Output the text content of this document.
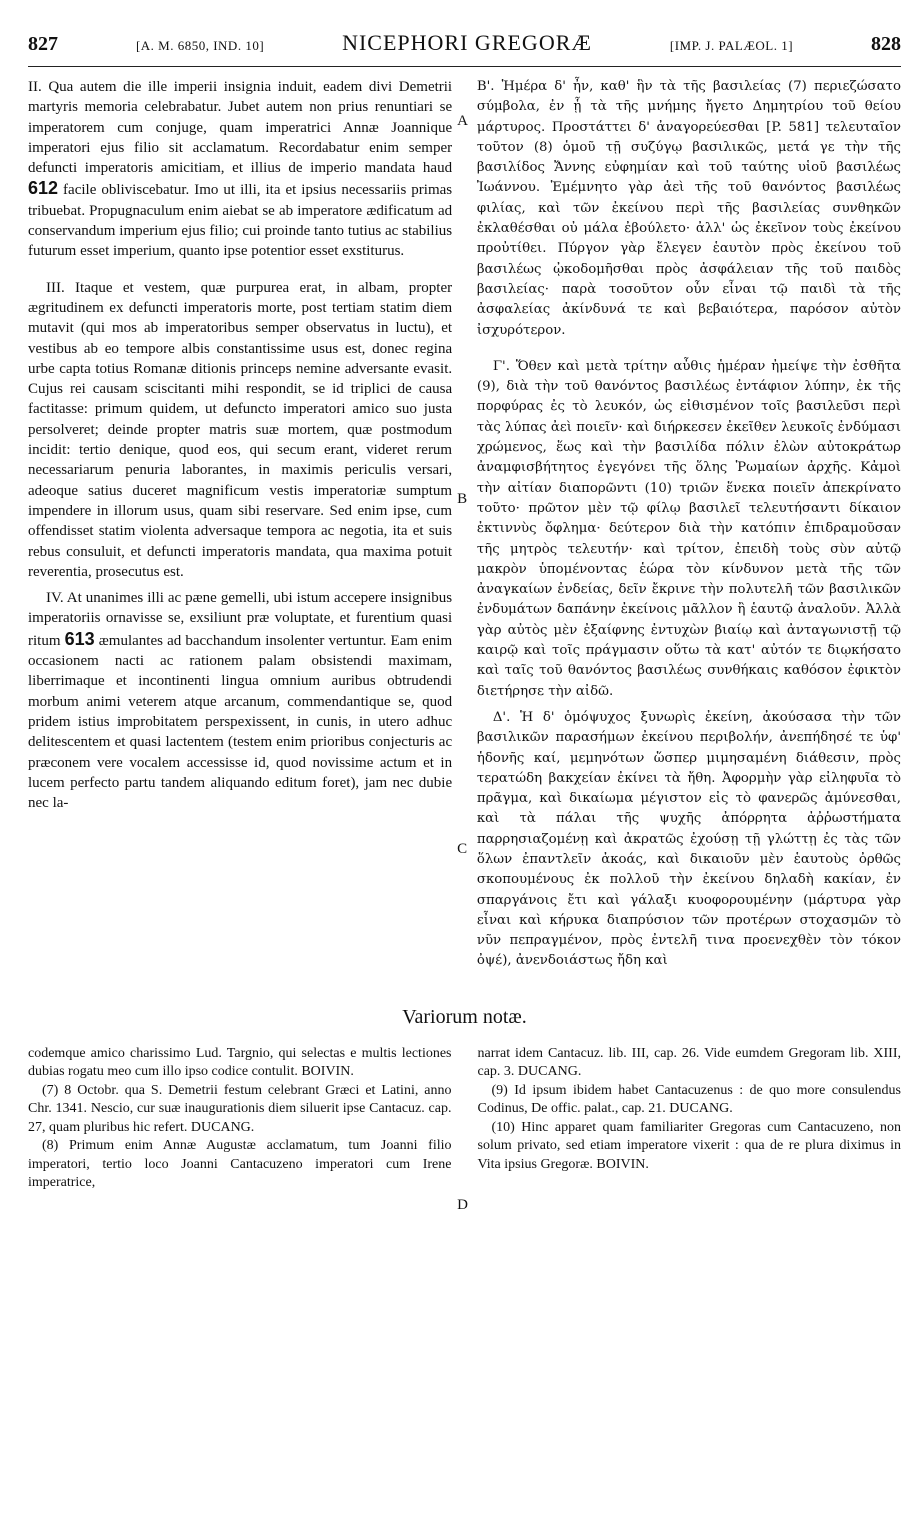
827	[A. M. 6850, IND. 10]	NICEPHORI GREGORÆ	[IMP. J. PALÆOL. 1]	828

II. Qua autem die ille imperii insignia induit, eadem divi Demetrii martyris memoria celebrabatur. Jubet autem non prius renuntiari se imperatorem cum conjuge, quam imperatrici Annæ Joannique imperatori ejus filio sit acclamatum. Recordabatur enim semper defuncti imperatoris amicitiam, et illius de imperio mandata haud 612 facile obliviscebatur. Imo ut illi, ita et ipsius necessariis primas tribuebat. Propugnaculum enim aiebat se ab imperatore ædificatum ad conservandum imperium ejus filio; cui proinde tanto tutius ac stabilius futurum esset imperium, quanto ipse potentior esset exstiturus.

III. Itaque et vestem, quæ purpurea erat, in albam, propter ægritudinem ex defuncti imperatoris morte, post tertiam statim diem mutavit (qui mos ab imperatoribus semper observatus in luctu), et vestibus ab eo tempore albis constantissime usus est, donec regina urbe capta totius Romanæ ditionis princeps nemine adversante evasit. Cujus rei causam sciscitanti mihi respondit, se id triplici de causa factitasse: primum quidem, ut defuncto imperatori amico suo justa persolveret; deinde propter matris suæ mortem, quæ postmodum incidit: tertio denique, quod eos, qui secum erant, videret rerum necessariarum penuria laborantes, in maximis periculis versari, adeoque satius duceret magnificum vestis imperatoriæ sumptum impendere in illorum usus, quam sibi reservare. Sed enim ipse, cum offendisset statim violenta adversaque tempora ac negotia, ita et suis rebus consuluit, et defuncti imperatoris mandata, qua maxima potuit reverentia, prosecutus est.

IV. At unanimes illi ac pæne gemelli, ubi istum accepere insignibus imperatoriis ornavisse se, exsiliunt præ voluptate, et furentium quasi ritum 613 æmulantes ad bacchandum insolenter vertuntur. Eam enim occasionem nacti ac rationem palam obsistendi maximam, liberrimaque et incontinenti lingua omnium auribus obtrudendi morbum animi veterem atque arcanum, commendantique se, quod pridem istius improbitatem perspexissent, in cunis, in utero adhuc delitescentem et quasi lactentem (testem enim prioribus conjecturis ac præconem vere vocalem accessisse id, quod novissime actum et in lucem perfecto partu tandem aliquando editum foret), jam nec dubie nec la-

A
B
C
D

Β'. Ἡμέρα δ' ἦν, καθ' ἣν τὰ τῆς βασιλείας (7) περιεζώσατο σύμβολα, ἐν ᾗ τὰ τῆς μνήμης ἤγετο Δημητρίου τοῦ θείου μάρτυρος. Προστάττει δ' ἀναγορεύεσθαι [P. 581] τελευταῖον τοῦτον (8) ὁμοῦ τῇ συζύγῳ βασιλικῶς, μετά γε τὴν τῆς βασιλίδος Ἄννης εὐφημίαν καὶ τοῦ ταύτης υἱοῦ βασιλέως Ἰωάννου. Ἐμέμνητο γὰρ ἀεὶ τῆς τοῦ θανόντος βασιλέως φιλίας, καὶ τῶν ἐκείνου περὶ τῆς βασιλείας συνθηκῶν ἐκλαθέσθαι οὐ μάλα ἐβούλετο· ἀλλ' ὡς ἐκεῖνον τοὺς ἐκείνου προὐτίθει. Πύργον γὰρ ἔλεγεν ἑαυτὸν πρὸς ἐκείνου τοῦ βασιλέως ᾠκοδομῆσθαι πρὸς ἀσφάλειαν τῆς τοῦ παιδὸς βασιλείας· παρὰ τοσοῦτον οὖν εἶναι τῷ παιδὶ τὰ τῆς ἀσφαλείας ἀκίνδυνά τε καὶ βεβαιότερα, παρόσον αὐτὸν ἰσχυρότερον.

Γ'. Ὅθεν καὶ μετὰ τρίτην αὖθις ἡμέραν ἠμείψε τὴν ἐσθῆτα (9), διὰ τὴν τοῦ θανόντος βασιλέως ἐντάφιον λύπην, ἐκ τῆς πορφύρας ἐς τὸ λευκόν, ὡς εἰθισμένον τοῖς βασιλεῦσι περὶ τὰς λύπας ἀεὶ ποιεῖν· καὶ διήρκεσεν ἐκεῖθεν λευκοῖς ἐνδύμασι χρώμενος, ἕως καὶ τὴν βασιλίδα πόλιν ἑλὼν αὐτοκράτωρ ἀναμφισβήτητος ἐγεγόνει τῆς ὅλης Ῥωμαίων ἀρχῆς. Κἀμοὶ τὴν αἰτίαν διαπορῶντι (10) τριῶν ἕνεκα ποιεῖν ἀπεκρίνατο τοῦτο· πρῶτον μὲν τῷ φίλῳ βασιλεῖ τελευτήσαντι δίκαιον ἐκτιννὺς ὄφλημα· δεύτερον διὰ τὴν κατόπιν ἐπιδραμοῦσαν τῆς μητρὸς τελευτήν· καὶ τρίτον, ἐπειδὴ τοὺς σὺν αὐτῷ μακρὸν ὑπομένοντας ἑώρα τὸν κίνδυνον μετὰ τῆς τῶν ἀναγκαίων ἐνδείας, δεῖν ἔκρινε τὴν πολυτελῆ τῶν βασιλικῶν ἐνδυμάτων δαπάνην ἐκείνοις μᾶλλον ἢ ἑαυτῷ ἀναλοῦν. Ἀλλὰ γὰρ αὐτὸς μὲν ἐξαίφνης ἐντυχὼν βιαίῳ καὶ ἀνταγωνιστῇ τῷ καιρῷ καὶ τοῖς πράγμασιν οὕτω τὰ κατ' αὐτόν τε διῳκήσατο καὶ ταῖς τοῦ θανόντος βασιλέως συνθήκαις καθόσον ἐφικτὸν διετήρησε τὴν αἰδῶ.

Δ'. Ἡ δ' ὁμόψυχος ξυνωρὶς ἐκείνη, ἀκούσασα τὴν τῶν βασιλικῶν παρασήμων ἐκείνου περιβολήν, ἀνεπήδησέ τε ὑφ' ἡδονῆς καί, μεμηνότων ὥσπερ μιμησαμένη διάθεσιν, πρὸς τερατώδη βακχείαν ἐκίνει τὰ ἤθη. Ἀφορμὴν γὰρ εἰληφυῖα τὸ πρᾶγμα, καὶ δικαίωμα μέγιστον εἰς τὸ φανερῶς ἀμύνεσθαι, καὶ τὰ πάλαι τῆς ψυχῆς ἀπόρρητα ἀῤῥωστήματα παρρησιαζομένῃ καὶ ἀκρατῶς ἐχούσῃ τῇ γλώττῃ ἐς τὰς τῶν ὅλων ἐπαντλεῖν ἀκοάς, καὶ δικαιοῦν μὲν ἑαυτοὺς ὀρθῶς σκοπουμένους ἐκ πολλοῦ τὴν ἐκείνου δηλαδὴ κακίαν, ἐν σπαργάνοις ἔτι καὶ γάλαξι κυοφορουμένην (μάρτυρα γὰρ εἶναι καὶ κήρυκα διαπρύσιον τῶν προτέρων στοχασμῶν τὸ νῦν πεπραγμένον, πρὸς ἐντελῆ τινα προενεχθὲν τὸν τόκον ὀψέ), ἀνενδοιάστως ἤδη καὶ

Variorum notæ.

codemque amico charissimo Lud. Targnio, qui selectas e multis lectiones dubias rogatu meo cum illo ipso codice contulit. BOIVIN.

(7) 8 Octobr. qua S. Demetrii festum celebrant Græci et Latini, anno Chr. 1341. Nescio, cur suæ inaugurationis diem siluerit ipse Cantacuz. cap. 27, quam pluribus hic refert. DUCANG.

(8) Primum enim Annæ Augustæ acclamatum, tum Joanni filio imperatori, tertio loco Joanni Cantacuzeno imperatori cum Irene imperatrice,

narrat idem Cantacuz. lib. III, cap. 26. Vide eumdem Gregoram lib. XIII, cap. 3. DUCANG.

(9) Id ipsum ibidem habet Cantacuzenus : de quo more consulendus Codinus, De offic. palat., cap. 21. DUCANG.

(10) Hinc apparet quam familiariter Gregoras cum Cantacuzeno, non solum privato, sed etiam imperatore vixerit : qua de re plura diximus in Vita ipsius Gregoræ. BOIVIN.
